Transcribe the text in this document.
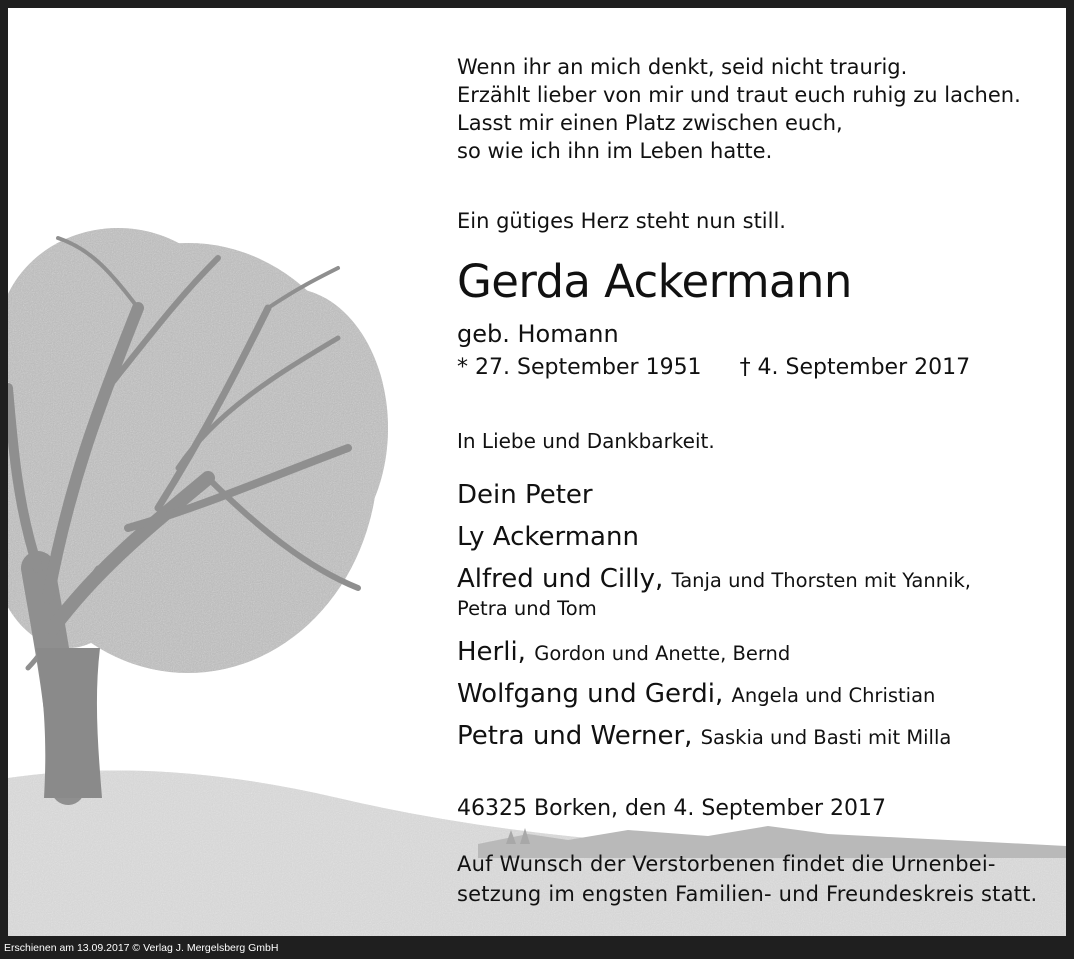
Wenn ihr an mich denkt, seid nicht traurig.
Erzählt lieber von mir und traut euch ruhig zu lachen.
Lasst mir einen Platz zwischen euch,
so wie ich ihn im Leben hatte.
Ein gütiges Herz steht nun still.
Gerda Ackermann
geb. Homann
* 27. September 1951 † 4. September 2017
In Liebe und Dankbarkeit.
Dein Peter
Ly Ackermann
Alfred und Cilly, Tanja und Thorsten mit Yannik,
Petra und Tom
Herli, Gordon und Anette, Bernd
Wolfgang und Gerdi, Angela und Christian
Petra und Werner, Saskia und Basti mit Milla
46325 Borken, den 4. September 2017
Auf Wunsch der Verstorbenen findet die Urnenbei-
setzung im engsten Familien- und Freundeskreis statt.
Erschienen am 13.09.2017 © Verlag J. Mergelsberg GmbH
